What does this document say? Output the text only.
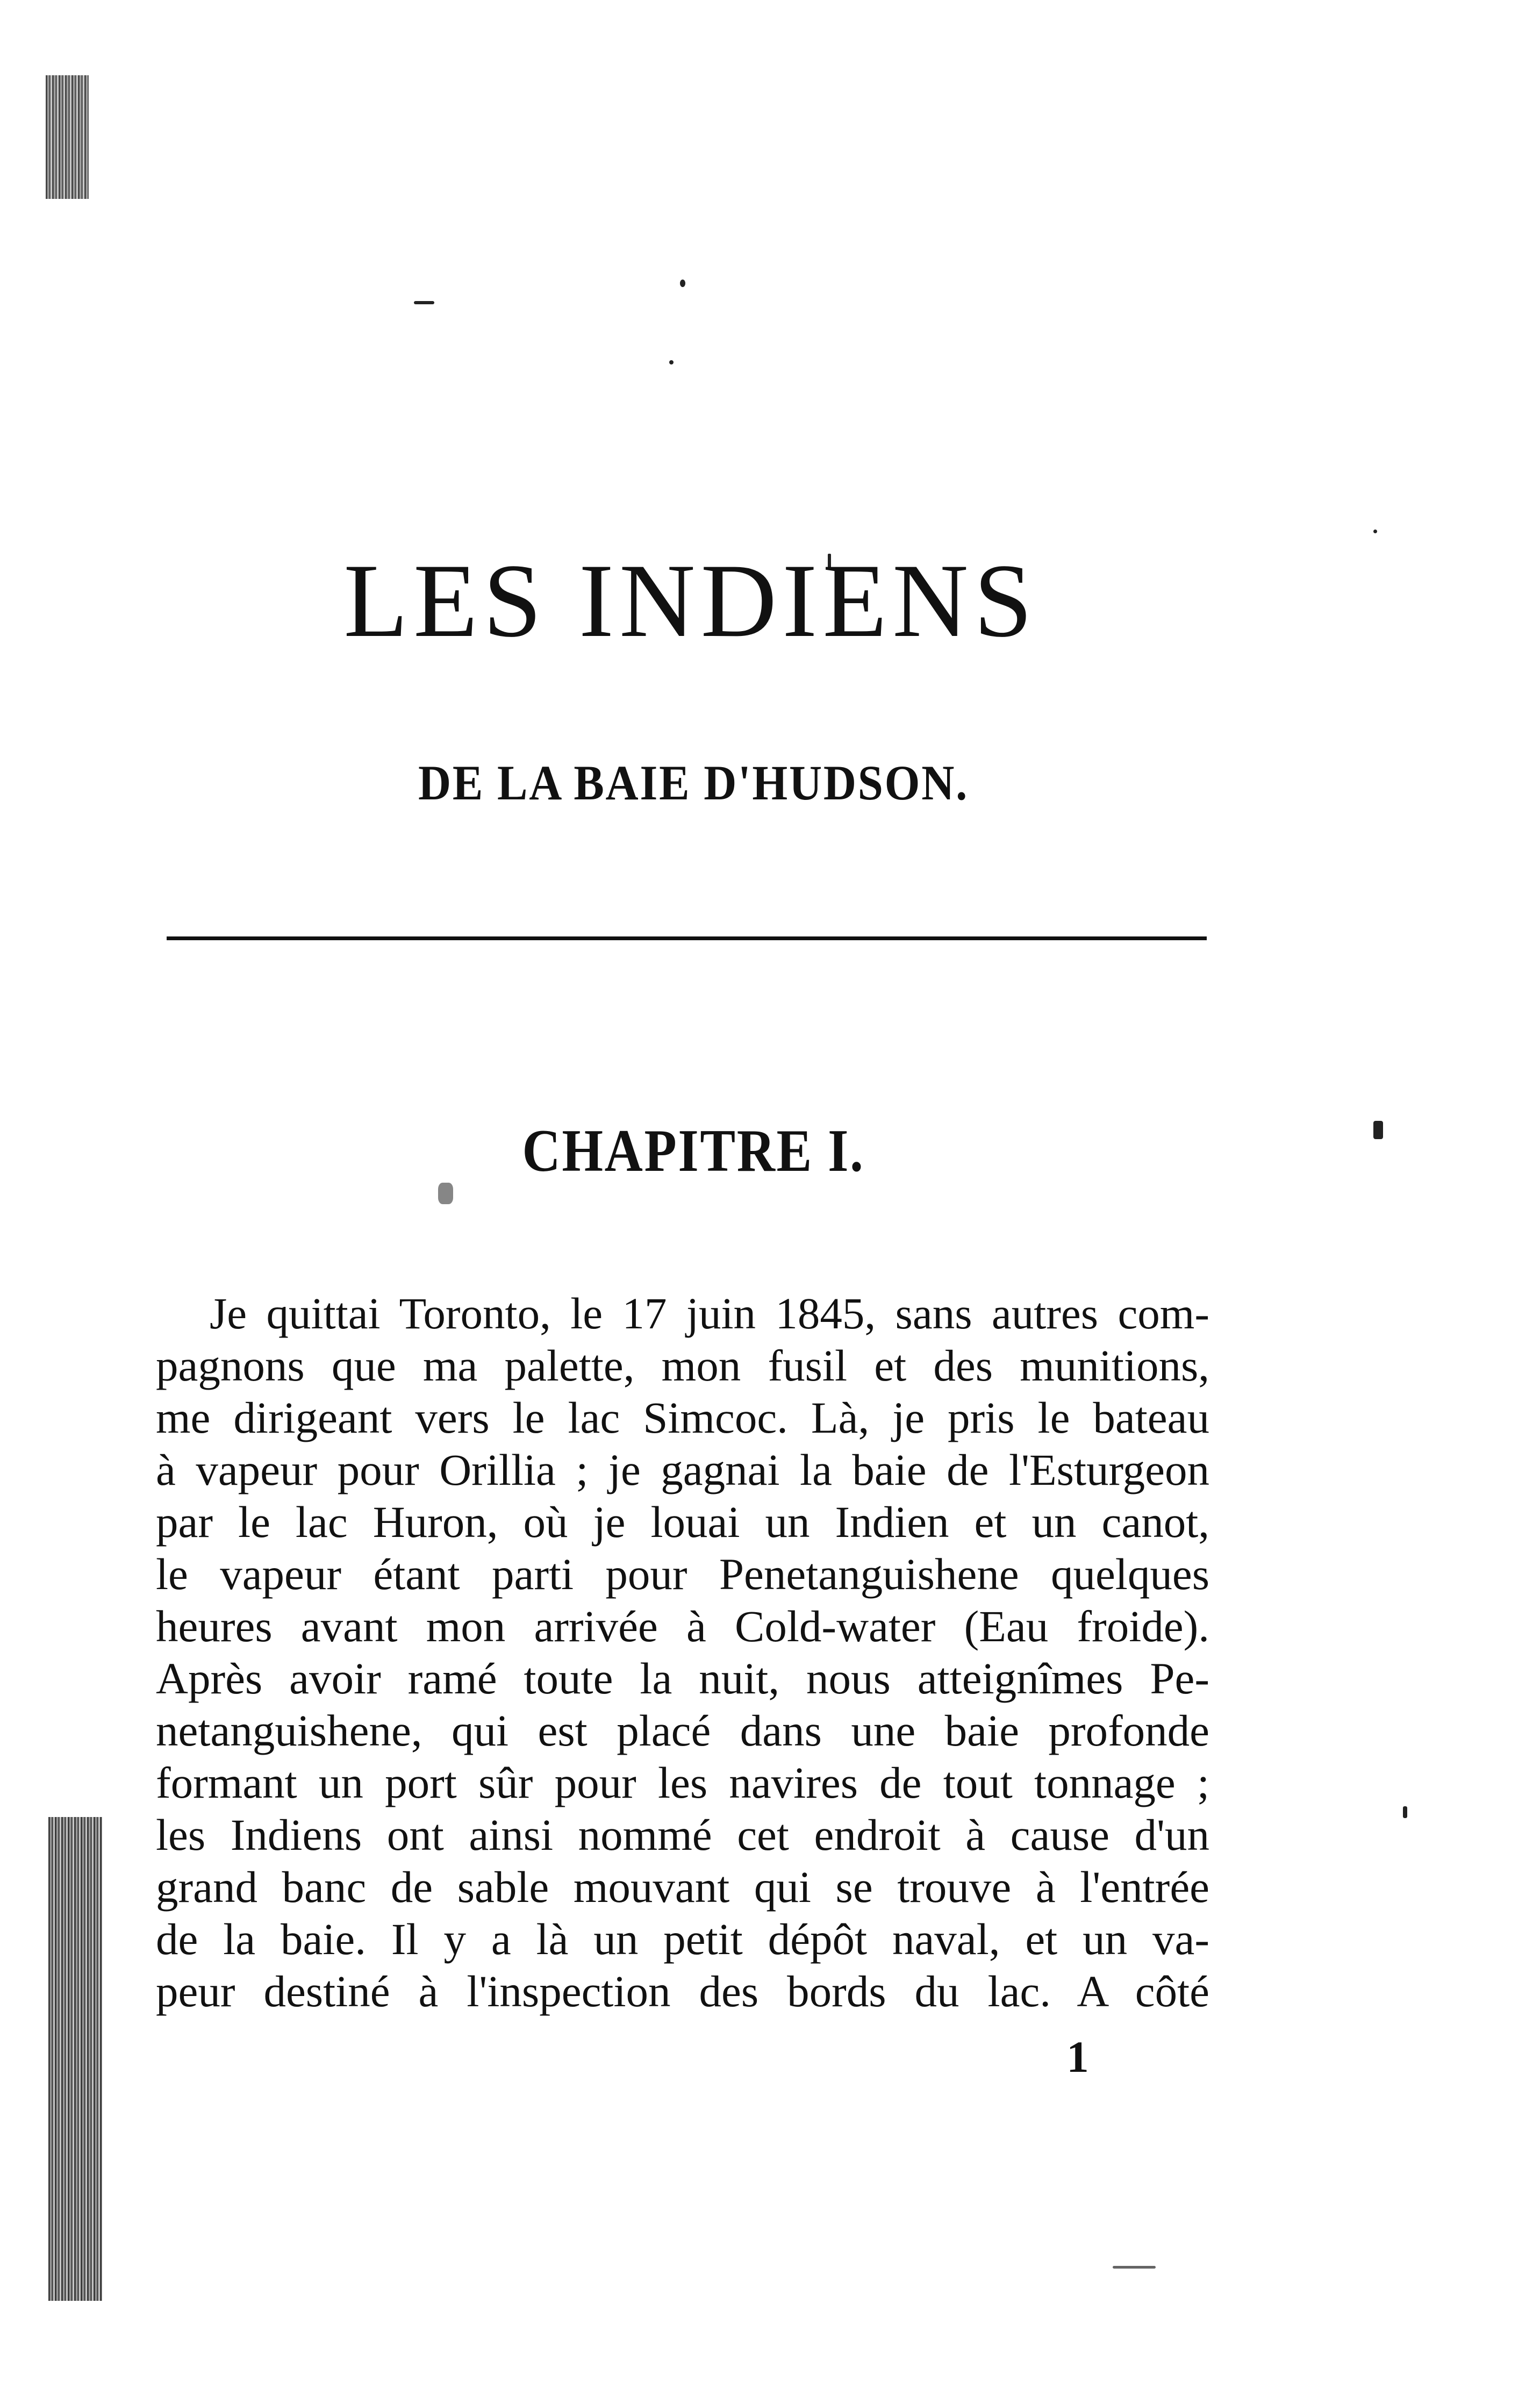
LES INDIENS
DE LA BAIE D'HUDSON.
CHAPITRE I.

Je quittai Toronto, le 17 juin 1845, sans autres com-
pagnons que ma palette, mon fusil et des munitions,
me dirigeant vers le lac Simcoc. Là, je pris le bateau
à vapeur pour Orillia ; je gagnai la baie de l'Esturgeon
par le lac Huron, où je louai un Indien et un canot,
le vapeur étant parti pour Penetanguishene quelques
heures avant mon arrivée à Cold-water (Eau froide).
Après avoir ramé toute la nuit, nous atteignîmes Pe-
netanguishene, qui est placé dans une baie profonde
formant un port sûr pour les navires de tout tonnage ;
les Indiens ont ainsi nommé cet endroit à cause d'un
grand banc de sable mouvant qui se trouve à l'entrée
de la baie. Il y a là un petit dépôt naval, et un va-
peur destiné à l'inspection des bords du lac. A côté

1
